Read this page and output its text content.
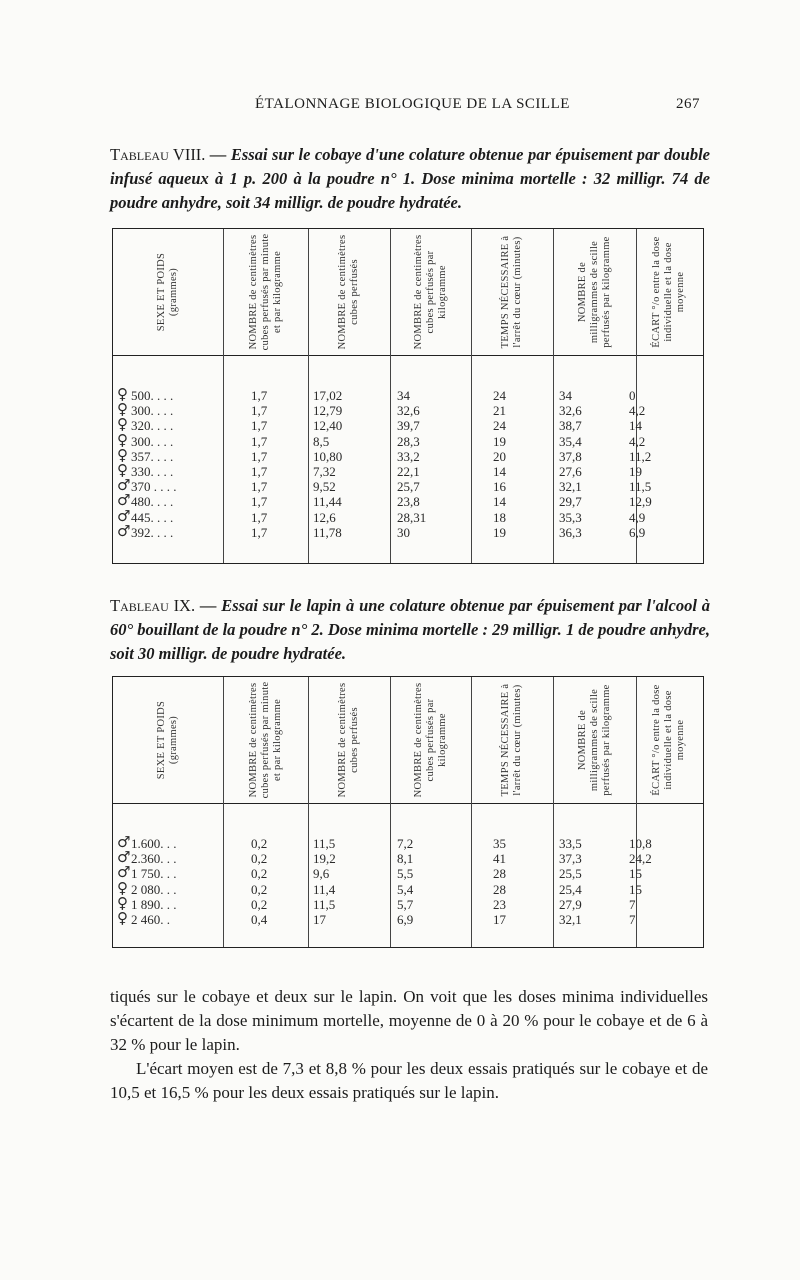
ÉTALONNAGE BIOLOGIQUE DE LA SCILLE	267
Tableau VIII. — Essai sur le cobaye d'une colature obtenue par épuisement par double infusé aqueux à 1 p. 200 à la poudre n° 1. Dose minima mortelle : 32 milligr. 74 de poudre anhydre, soit 34 milligr. de poudre hydratée.
SEXE ET POIDS (grammes)	NOMBRE de centimètres cubes perfusés par minute et par kilogramme	NOMBRE de centimètres cubes perfusés	NOMBRE de centimètres cubes perfusés par kilogramme	TEMPS NÉCESSAIRE à l'arrêt du cœur (minutes)	NOMBRE de milligrammes de scille perfusés par kilogramme	ÉCART °/o entre la dose individuelle et la dose moyenne
♀ 500. . . .	1,7	17,02	34	24	34	0
♀ 300. . . .	1,7	12,79	32,6	21	32,6	4,2
♀ 320. . . .	1,7	12,40	39,7	24	38,7	14
♀ 300. . . .	1,7	8,5	28,3	19	35,4	4,2
♀ 357. . . .	1,7	10,80	33,2	20	37,8	11,2
♀ 330. . . .	1,7	7,32	22,1	14	27,6	19
♂ 370 . . . .	1,7	9,52	25,7	16	32,1	11,5
♂ 480. . . .	1,7	11,44	23,8	14	29,7	12,9
♂ 445. . . .	1,7	12,6	28,31	18	35,3	4,9
♂ 392. . . .	1,7	11,78	30	19	36,3	6,9
Tableau IX. — Essai sur le lapin à une colature obtenue par épuisement par l'alcool à 60° bouillant de la poudre n° 2. Dose minima mortelle : 29 milligr. 1 de poudre anhydre, soit 30 milligr. de poudre hydratée.
SEXE ET POIDS (grammes)	NOMBRE de centimètres cubes perfusés par minute et par kilogramme	NOMBRE de centimètres cubes perfusés	NOMBRE de centimètres cubes perfusés par kilogramme	TEMPS NÉCESSAIRE à l'arrêt du cœur (minutes)	NOMBRE de milligrammes de scille perfusés par kilogramme	ÉCART °/o entre la dose individuelle et la dose moyenne
♂ 1.600. . .	0,2	11,5	7,2	35	33,5	10,8
♂ 2.360. . .	0,2	19,2	8,1	41	37,3	24,2
♂ 1 750. . .	0,2	9,6	5,5	28	25,5	15
♀ 2 080. . .	0,2	11,4	5,4	28	25,4	15
♀ 1 890. . .	0,2	11,5	5,7	23	27,9	7
♀ 2 460. .	0,4	17	6,9	17	32,1	7

tiqués sur le cobaye et deux sur le lapin. On voit que les doses minima individuelles s'écartent de la dose minimum mortelle, moyenne de 0 à 20 % pour le cobaye et de 6 à 32 % pour le lapin.

L'écart moyen est de 7,3 et 8,8 % pour les deux essais pratiqués sur le cobaye et de 10,5 et 16,5 % pour les deux essais pratiqués sur le lapin.
